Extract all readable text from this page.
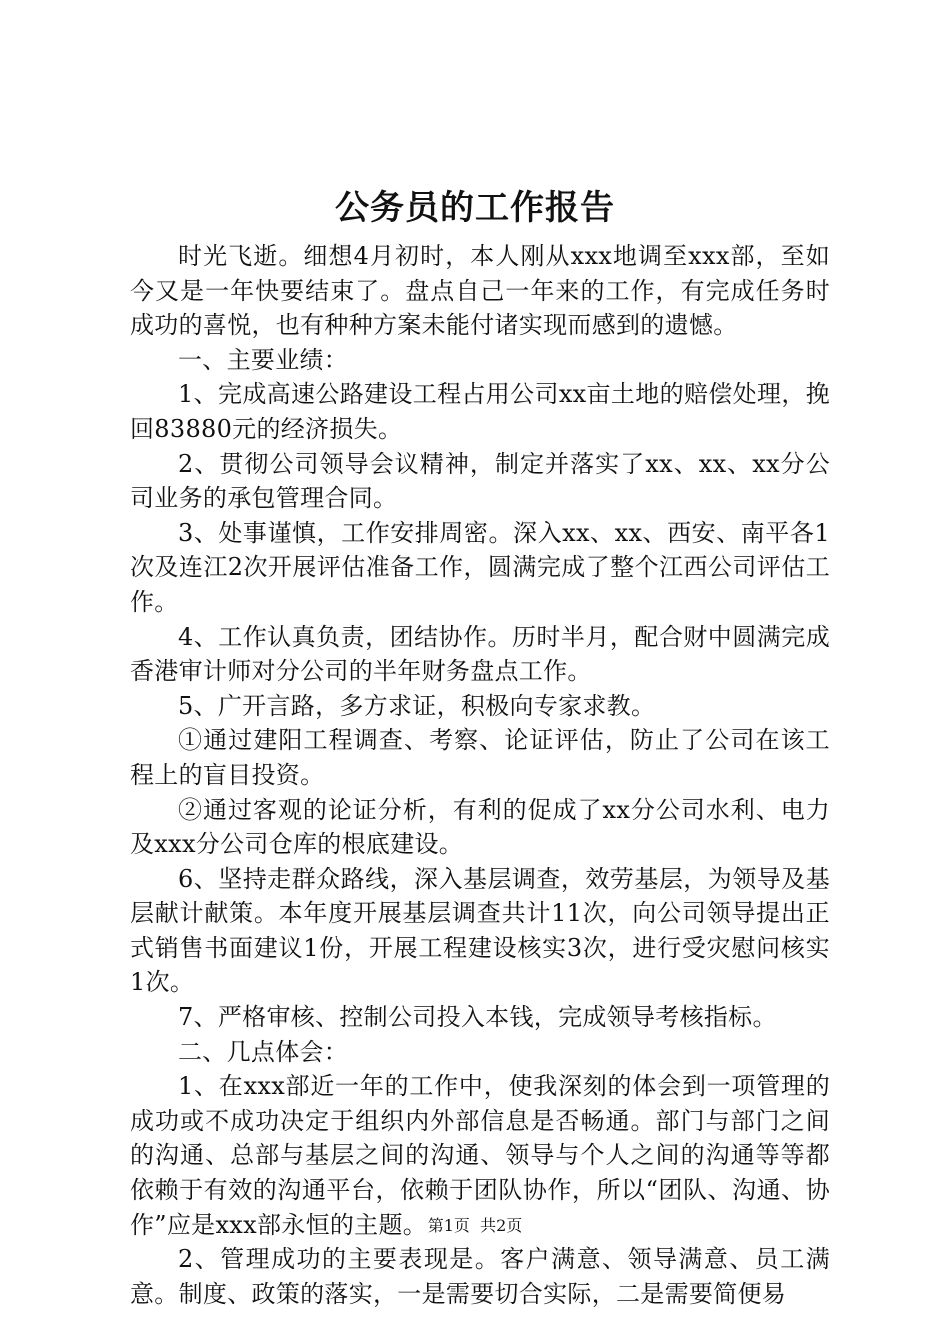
公务员的工作报告

时光飞逝。细想4月初时，本人刚从xxx地调至xxx部，至如今又是一年快要结束了。盘点自己一年来的工作，有完成任务时成功的喜悦，也有种种方案未能付诸实现而感到的遗憾。

一、主要业绩：

1、完成高速公路建设工程占用公司xx亩土地的赔偿处理，挽回83880元的经济损失。

2、贯彻公司领导会议精神，制定并落实了xx、xx、xx分公司业务的承包管理合同。

3、处事谨慎，工作安排周密。深入xx、xx、西安、南平各1次及连江2次开展评估准备工作，圆满完成了整个江西公司评估工作。

4、工作认真负责，团结协作。历时半月，配合财中圆满完成香港审计师对分公司的半年财务盘点工作。

5、广开言路，多方求证，积极向专家求教。

①通过建阳工程调查、考察、论证评估，防止了公司在该工程上的盲目投资。

②通过客观的论证分析，有利的促成了xx分公司水利、电力及xxx分公司仓库的根底建设。

6、坚持走群众路线，深入基层调查，效劳基层，为领导及基层献计献策。本年度开展基层调查共计11次，向公司领导提出正式销售书面建议1份，开展工程建设核实3次，进行受灾慰问核实1次。

7、严格审核、控制公司投入本钱，完成领导考核指标。

二、几点体会：

1、在xxx部近一年的工作中，使我深刻的体会到一项管理的成功或不成功决定于组织内外部信息是否畅通。部门与部门之间的沟通、总部与基层之间的沟通、领导与个人之间的沟通等等都依赖于有效的沟通平台，依赖于团队协作，所以“团队、沟通、协作”应是xxx部永恒的主题。

2、管理成功的主要表现是。客户满意、领导满意、员工满意。制度、政策的落实，一是需要切合实际，二是需要简便易

第1页 共2页
